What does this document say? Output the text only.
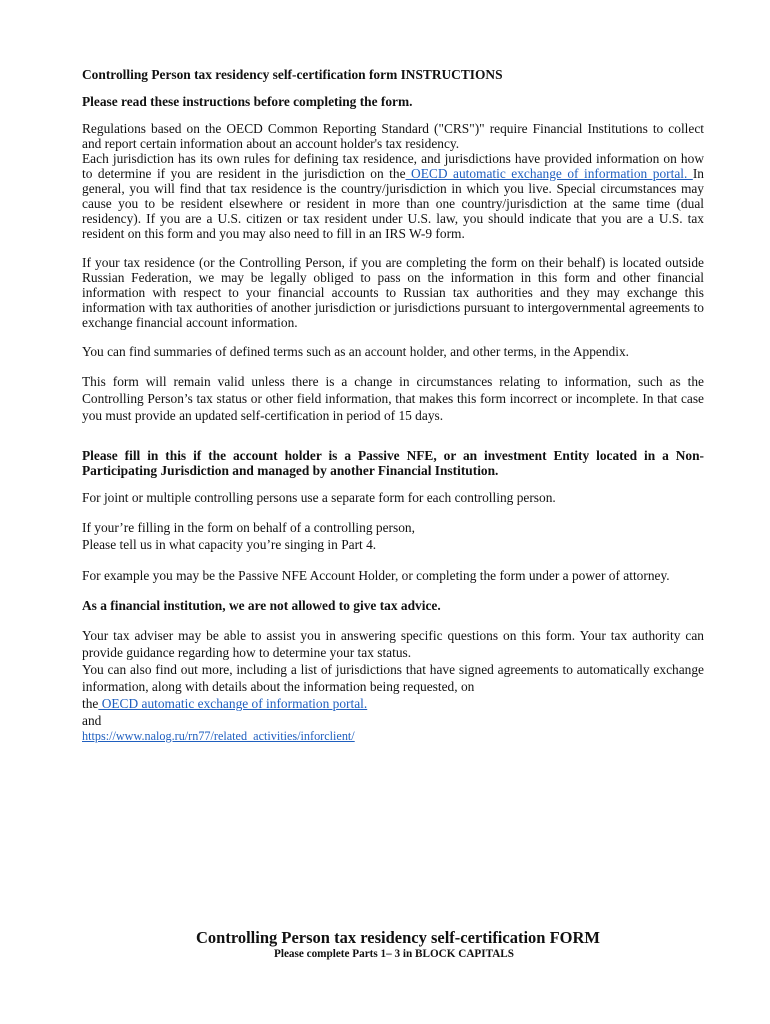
Controlling Person tax residency self-certification form INSTRUCTIONS

Please read these instructions before completing the form.

Regulations based on the OECD Common Reporting Standard ("CRS")" require Financial Institutions to collect and report certain information about an account holder's tax residency.

Each jurisdiction has its own rules for defining tax residence, and jurisdictions have provided information on how to determine if you are resident in the jurisdiction on the OECD automatic exchange of information portal. In general, you will find that tax residence is the country/jurisdiction in which you live. Special circumstances may cause you to be resident elsewhere or resident in more than one country/jurisdiction at the same time (dual residency). If you are a U.S. citizen or tax resident under U.S. law, you should indicate that you are a U.S. tax resident on this form and you may also need to fill in an IRS W-9 form.

If your tax residence (or the Controlling Person, if you are completing the form on their behalf) is located outside Russian Federation, we may be legally obliged to pass on the information in this form and other financial information with respect to your financial accounts to Russian tax authorities and they may exchange this information with tax authorities of another jurisdiction or jurisdictions pursuant to intergovernmental agreements to exchange financial account information.

You can find summaries of defined terms such as an account holder, and other terms, in the Appendix.

This form will remain valid unless there is a change in circumstances relating to information, such as the Controlling Person’s tax status or other field information, that makes this form incorrect or incomplete. In that case you must provide an updated self-certification in period of 15 days.

Please fill in this if the account holder is a Passive NFE, or an investment Entity located in a Non-Participating Jurisdiction and managed by another Financial Institution.

For joint or multiple controlling persons use a separate form for each controlling person.

If your’re filling in the form on behalf of a controlling person,

Please tell us in what capacity you’re singing in Part 4.

For example you may be the Passive NFE Account Holder, or completing the form under a power of attorney.

As a financial institution, we are not allowed to give tax advice.

Your tax adviser may be able to assist you in answering specific questions on this form. Your tax authority can provide guidance regarding how to determine your tax status.

You can also find out more, including a list of jurisdictions that have signed agreements to automatically exchange information, along with details about the information being requested, on

the OECD automatic exchange of information portal.

and

https://www.nalog.ru/rn77/related_activities/inforclient/

Controlling Person tax residency self-certification FORM
Please complete Parts 1– 3 in BLOCK CAPITALS
